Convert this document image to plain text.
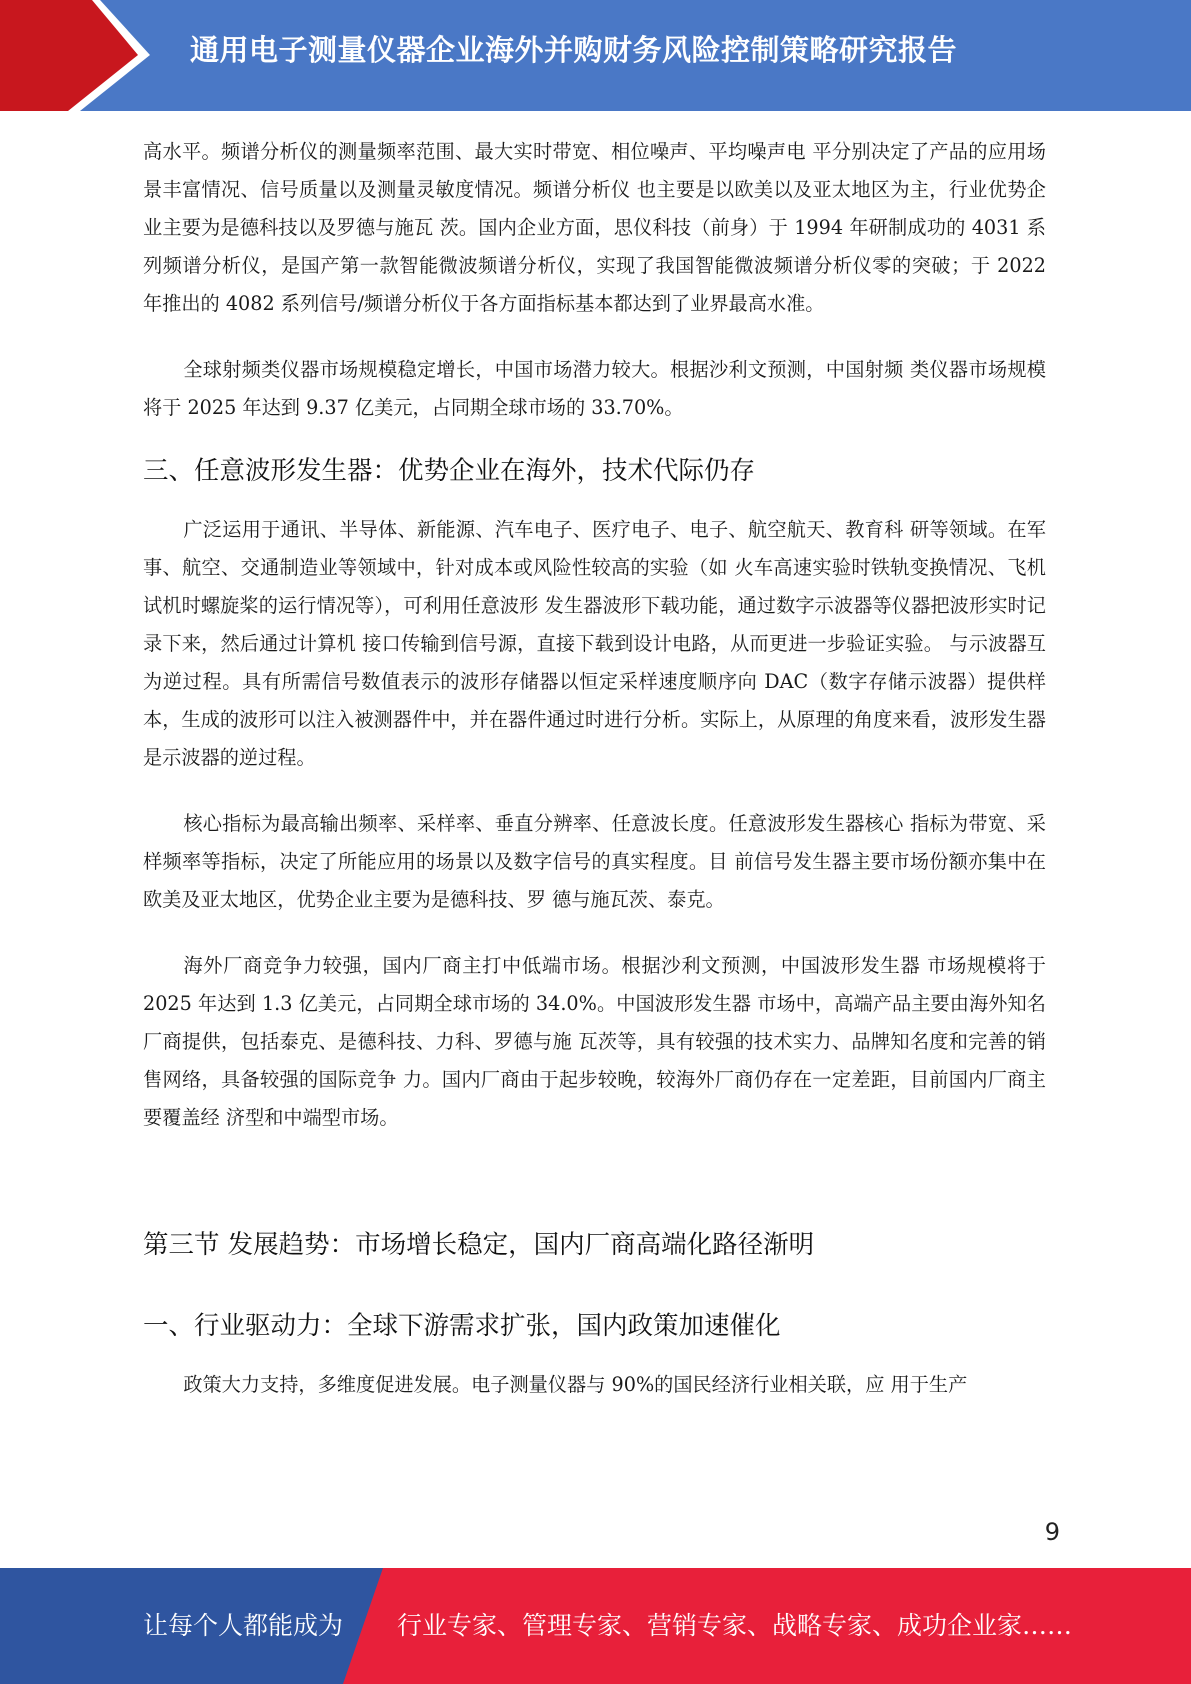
通用电子测量仪器企业海外并购财务风险控制策略研究报告

高水平。频谱分析仪的测量频率范围、最大实时带宽、相位噪声、平均噪声电 平分别决定了产品的应用场景丰富情况、信号质量以及测量灵敏度情况。频谱分析仪 也主要是以欧美以及亚太地区为主，行业优势企业主要为是德科技以及罗德与施瓦 茨。国内企业方面，思仪科技（前身）于 1994 年研制成功的 4031 系列频谱分析仪，是国产第一款智能微波频谱分析仪，实现了我国智能微波频谱分析仪零的突破；于 2022 年推出的 4082 系列信号/频谱分析仪于各方面指标基本都达到了业界最高水准。

全球射频类仪器市场规模稳定增长，中国市场潜力较大。根据沙利文预测，中国射频 类仪器市场规模将于 2025 年达到 9.37 亿美元，占同期全球市场的 33.70%。

三、任意波形发生器：优势企业在海外，技术代际仍存

广泛运用于通讯、半导体、新能源、汽车电子、医疗电子、电子、航空航天、教育科 研等领域。在军事、航空、交通制造业等领域中，针对成本或风险性较高的实验（如 火车高速实验时铁轨变换情况、飞机试机时螺旋桨的运行情况等），可利用任意波形 发生器波形下载功能，通过数字示波器等仪器把波形实时记录下来，然后通过计算机 接口传输到信号源，直接下载到设计电路，从而更进一步验证实验。 与示波器互为逆过程。具有所需信号数值表示的波形存储器以恒定采样速度顺序向 DAC（数字存储示波器）提供样本，生成的波形可以注入被测器件中，并在器件通过时进行分析。实际上，从原理的角度来看，波形发生器是示波器的逆过程。

核心指标为最高输出频率、采样率、垂直分辨率、任意波长度。任意波形发生器核心 指标为带宽、采样频率等指标，决定了所能应用的场景以及数字信号的真实程度。目 前信号发生器主要市场份额亦集中在欧美及亚太地区，优势企业主要为是德科技、罗 德与施瓦茨、泰克。

海外厂商竞争力较强，国内厂商主打中低端市场。根据沙利文预测，中国波形发生器 市场规模将于 2025 年达到 1.3 亿美元，占同期全球市场的 34.0%。中国波形发生器 市场中，高端产品主要由海外知名厂商提供，包括泰克、是德科技、力科、罗德与施 瓦茨等，具有较强的技术实力、品牌知名度和完善的销售网络，具备较强的国际竞争 力。国内厂商由于起步较晚，较海外厂商仍存在一定差距，目前国内厂商主要覆盖经 济型和中端型市场。

第三节 发展趋势：市场增长稳定，国内厂商高端化路径渐明
一、行业驱动力：全球下游需求扩张，国内政策加速催化

政策大力支持，多维度促进发展。电子测量仪器与 90%的国民经济行业相关联，应 用于生产

9
让每个人都能成为 行业专家、管理专家、营销专家、战略专家、成功企业家……
